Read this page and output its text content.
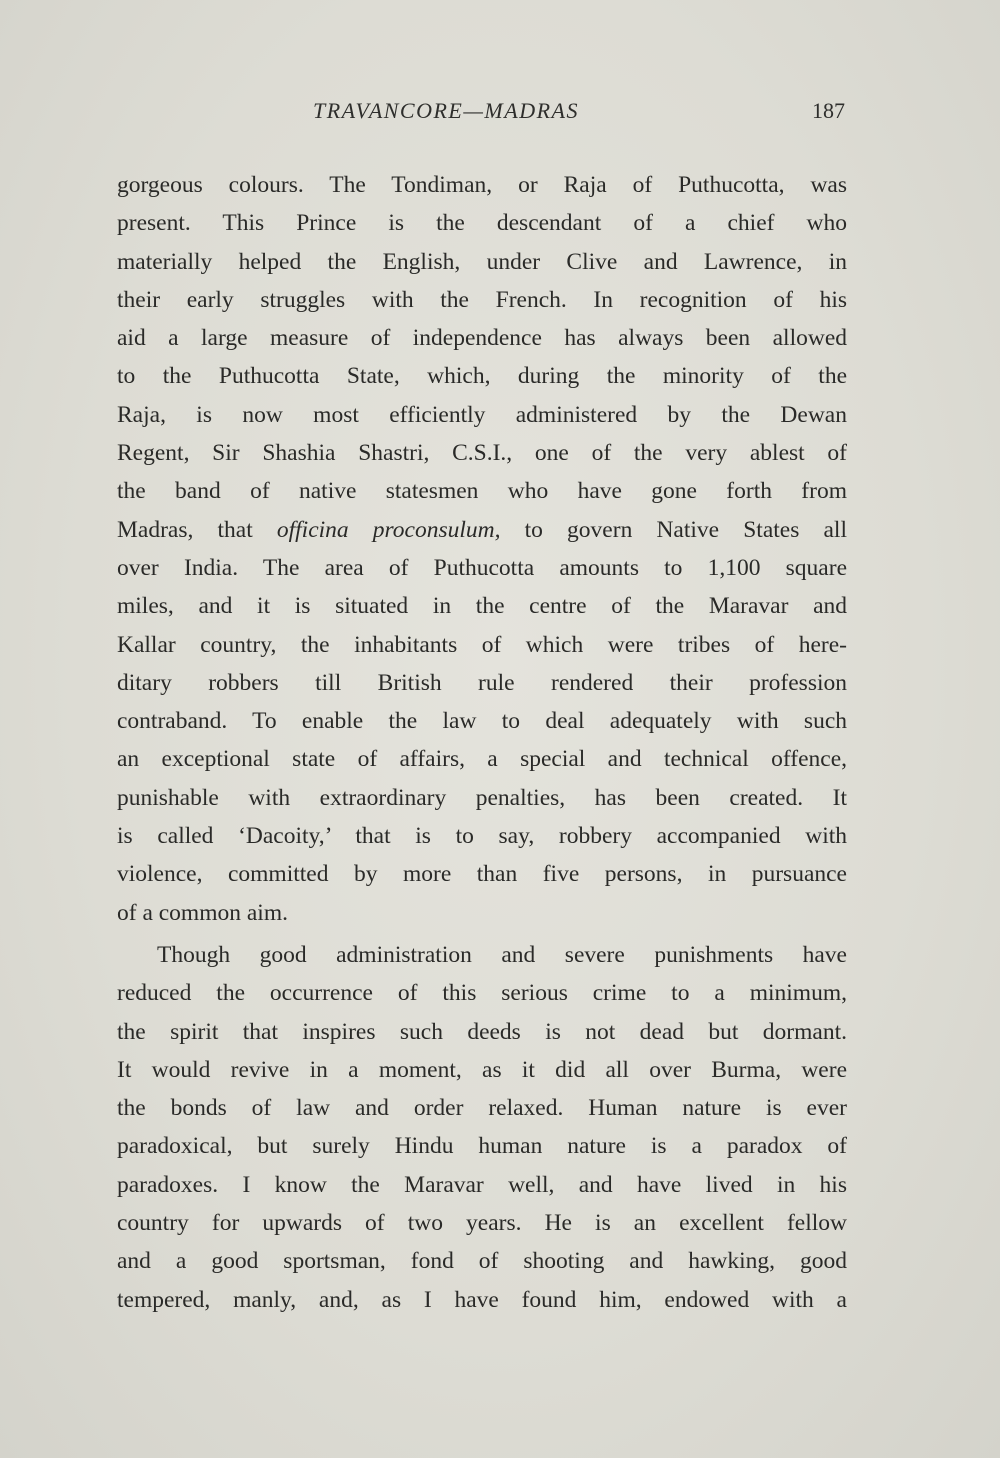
TRAVANCORE—MADRAS	187
gorgeous colours. The Tondiman, or Raja of Puthucotta, was
present. This Prince is the descendant of a chief who
materially helped the English, under Clive and Lawrence, in
their early struggles with the French. In recognition of his
aid a large measure of independence has always been allowed
to the Puthucotta State, which, during the minority of the
Raja, is now most efficiently administered by the Dewan
Regent, Sir Shashia Shastri, C.S.I., one of the very ablest of
the band of native statesmen who have gone forth from
Madras, that officina proconsulum, to govern Native States all
over India. The area of Puthucotta amounts to 1,100 square
miles, and it is situated in the centre of the Maravar and
Kallar country, the inhabitants of which were tribes of here-
ditary robbers till British rule rendered their profession
contraband. To enable the law to deal adequately with such
an exceptional state of affairs, a special and technical offence,
punishable with extraordinary penalties, has been created. It
is called ‘Dacoity,’ that is to say, robbery accompanied with
violence, committed by more than five persons, in pursuance
of a common aim.
Though good administration and severe punishments have
reduced the occurrence of this serious crime to a minimum,
the spirit that inspires such deeds is not dead but dormant.
It would revive in a moment, as it did all over Burma, were
the bonds of law and order relaxed. Human nature is ever
paradoxical, but surely Hindu human nature is a paradox of
paradoxes. I know the Maravar well, and have lived in his
country for upwards of two years. He is an excellent fellow
and a good sportsman, fond of shooting and hawking, good
tempered, manly, and, as I have found him, endowed with a
